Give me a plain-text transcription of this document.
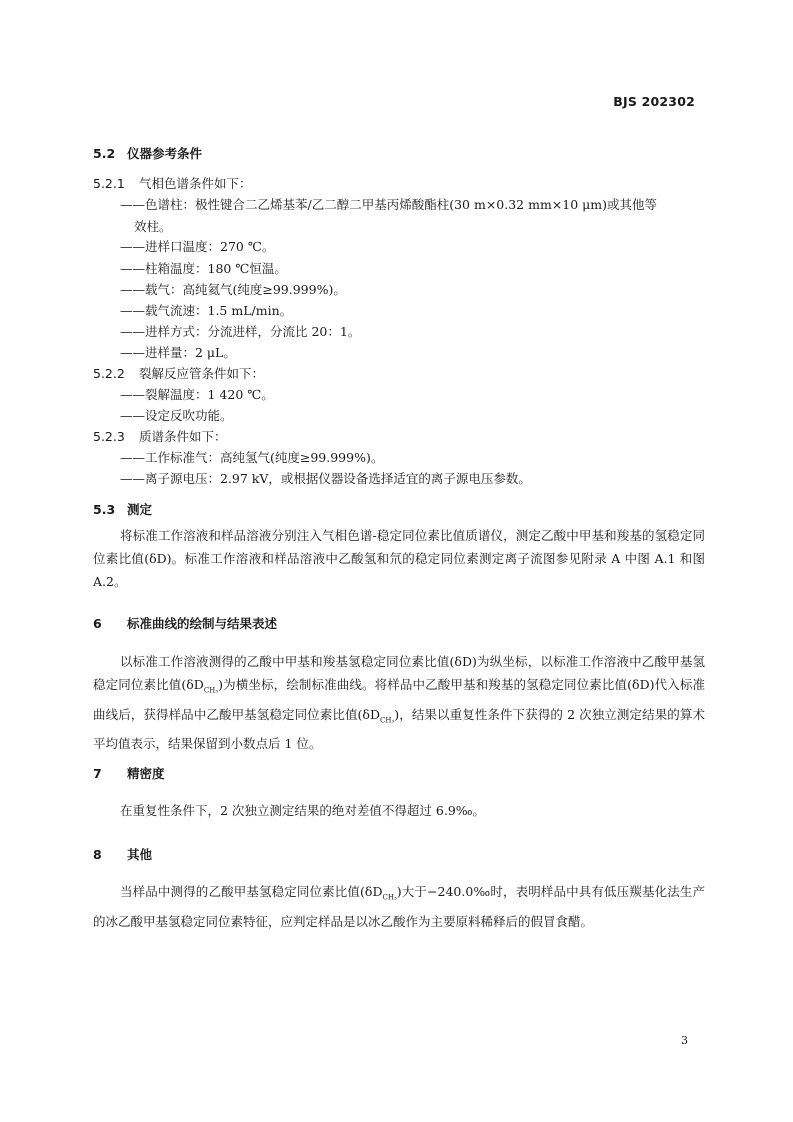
BJS 202302
5.2 仪器参考条件
5.2.1 气相色谱条件如下：
——色谱柱：极性键合二乙烯基苯/乙二醇二甲基丙烯酸酯柱(30 m×0.32 mm×10 μm)或其他等
效柱。
——进样口温度：270 ℃。
——柱箱温度：180 ℃恒温。
——载气：高纯氦气(纯度≥99.999%)。
——载气流速：1.5 mL/min。
——进样方式：分流进样，分流比 20：1。
——进样量：2 μL。
5.2.2 裂解反应管条件如下：
——裂解温度：1 420 ℃。
——设定反吹功能。
5.2.3 质谱条件如下：
——工作标准气：高纯氢气(纯度≥99.999%)。
——离子源电压：2.97 kV，或根据仪器设备选择适宜的离子源电压参数。
5.3 测定
将标准工作溶液和样品溶液分别注入气相色谱-稳定同位素比值质谱仪，测定乙酸中甲基和羧基的氢稳定同位素比值(δD)。标准工作溶液和样品溶液中乙酸氢和氘的稳定同位素测定离子流图参见附录 A 中图 A.1 和图 A.2。
6 标准曲线的绘制与结果表述
以标准工作溶液测得的乙酸中甲基和羧基氢稳定同位素比值(δD)为纵坐标，以标准工作溶液中乙酸甲基氢稳定同位素比值$(\delta D_{CH_3})$为横坐标，绘制标准曲线。将样品中乙酸甲基和羧基的氢稳定同位素比值(δD)代入标准曲线后，获得样品中乙酸甲基氢稳定同位素比值$(\delta D_{CH_3})$，结果以重复性条件下获得的 2 次独立测定结果的算术平均值表示，结果保留到小数点后 1 位。
7 精密度
在重复性条件下，2 次独立测定结果的绝对差值不得超过 6.9‰。
8 其他
当样品中测得的乙酸甲基氢稳定同位素比值$(\delta D_{CH_3})$大于−240.0‰时，表明样品中具有低压羰基化法生产的冰乙酸甲基氢稳定同位素特征，应判定样品是以冰乙酸作为主要原料稀释后的假冒食醋。
3
